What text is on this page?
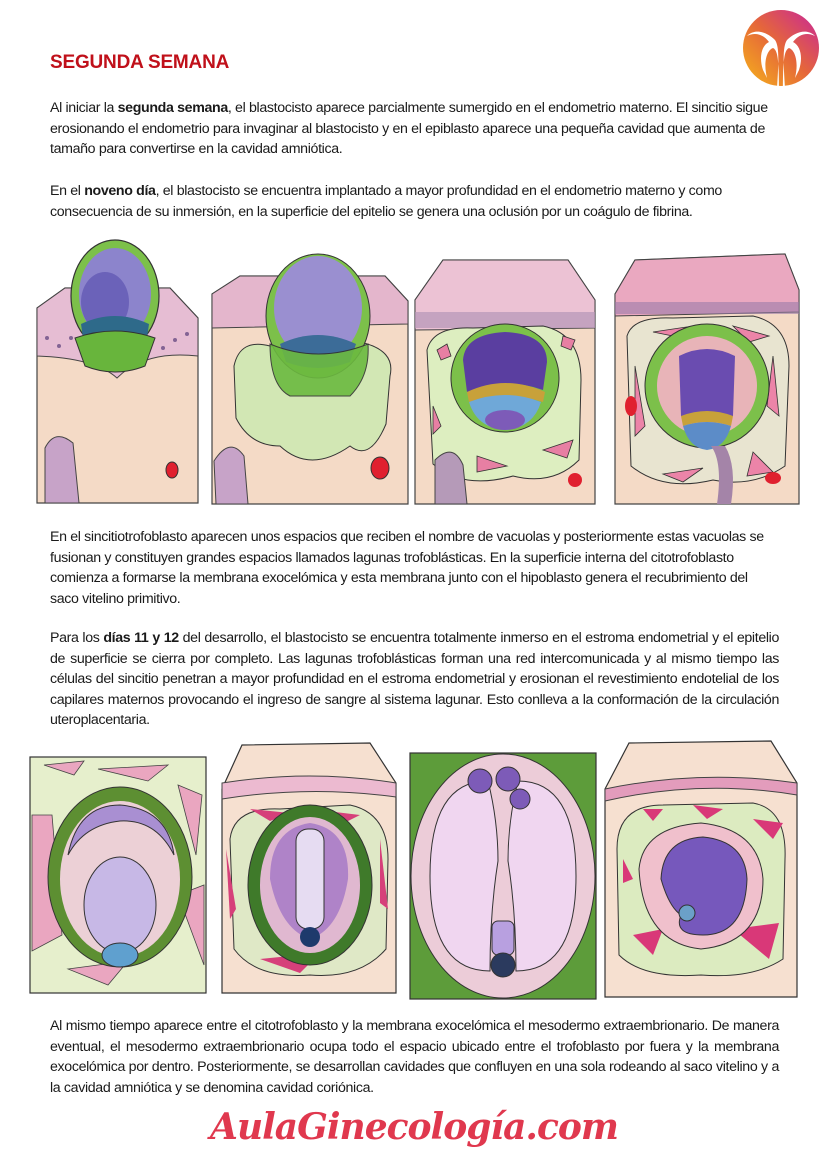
SEGUNDA SEMANA

Al iniciar la segunda semana, el blastocisto aparece parcialmente sumergido en el endometrio materno. El sincitio sigue erosionando el endometrio para invaginar al blastocisto y en el epiblasto aparece una pequeña cavidad que aumenta de tamaño para convertirse en la cavidad amniótica.

En el noveno día, el blastocisto se encuentra implantado a mayor profundidad en el endometrio materno y como consecuencia de su inmersión, en la superficie del epitelio se genera una oclusión por un coágulo de fibrina.

En el sincitiotrofoblasto aparecen unos espacios que reciben el nombre de vacuolas y posteriormente estas vacuolas se fusionan y constituyen grandes espacios llamados lagunas trofoblásticas. En la superficie interna del citotrofoblasto comienza a formarse la membrana exocelómica y esta membrana junto con el hipoblasto genera el recubrimiento del saco vitelino primitivo.

Para los días 11 y 12 del desarrollo, el blastocisto se encuentra totalmente inmerso en el estroma endometrial y el epitelio de superficie se cierra por completo. Las lagunas trofoblásticas forman una red intercomunicada y al mismo tiempo las células del sincitio penetran a mayor profundidad en el estroma endometrial y erosionan el revestimiento endotelial de los capilares maternos provocando el ingreso de sangre al sistema lagunar. Esto conlleva a la conformación de la circulación uteroplacentaria.

Al mismo tiempo aparece entre el citotrofoblasto y la membrana exocelómica el mesodermo extraembrionario. De manera eventual, el mesodermo extraembrionario ocupa todo el espacio ubicado entre el trofoblasto por fuera y la membrana exocelómica por dentro. Posteriormente, se desarrollan cavidades que confluyen en una sola rodeando al saco vitelino y a la cavidad amniótica y se denomina cavidad coriónica.

AulaGinecología.com
